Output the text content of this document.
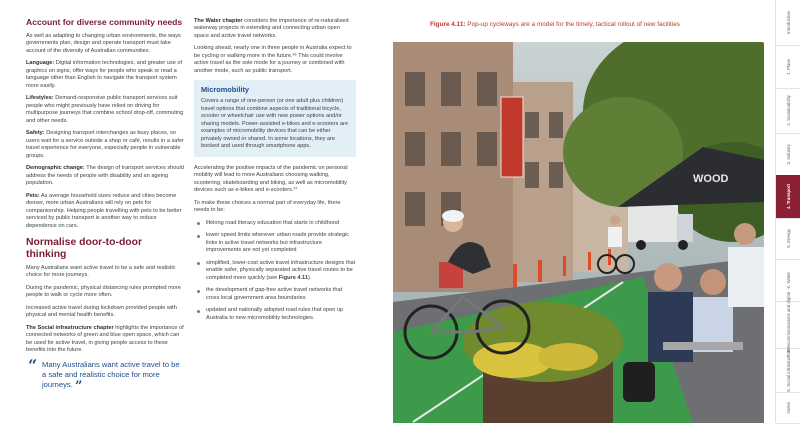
Account for diverse community needs

As well as adapting to changing urban environments, the ways governments plan, design and operate transport must take account of the diversity of Australian communities.

Language: Digital information technologies, and greater use of graphics on signs, offer ways for people who speak or read a language other than English to navigate the transport system more easily.

Lifestyles: Demand-responsive public transport services suit people who might previously have relied on driving for multipurpose journeys that combine school drop-off, commuting and other needs.

Safety: Designing transport interchanges as busy places, so users wait for a service outside a shop or café, results in a safer travel experience for everyone, especially people in vulnerable groups.

Demographic change: The design of transport services should address the needs of people with disability and an ageing population.

Pets: As average household sizes reduce and cities become denser, more urban Australians will rely on pets for companionship. Helping people travelling with pets to be better serviced by public transport is another way to reduce dependence on cars.

Normalise door-to-door thinking

Many Australians want active travel to be a safe and realistic choice for more journeys.

During the pandemic, physical distancing rules prompted more people to walk or cycle more often.

Increased active travel during lockdown provided people with physical and mental health benefits.

The Social infrastructure chapter highlights the importance of connected networks of green and blue open space, which can be used for active travel, in giving people access to these benefits into the future.

“ Many Australians want active travel to be a safe and realistic choice for more journeys. ”

The Water chapter considers the importance of re-naturalised waterway projects in extending and connecting urban open space and active travel networks.

Looking ahead, nearly one in three people in Australia expect to be cycling or walking more in the future.³⁶ This could involve active travel as the sole mode for a journey or combined with another mode, such as public transport.

Micromobility

Covers a range of one-person (or one adult plus children) travel options that combine aspects of traditional bicycle, scooter or wheelchair use with new power options and/or sharing models. Power-assisted e-bikes and e-scooters are examples of micromobility devices that can be either privately owned or shared. In some locations, they are booked and used through smartphone apps.

Accelerating the positive impacts of the pandemic on personal mobility will lead to more Australians choosing walking, scootering, skateboarding and biking, as well as micromobility devices such as e-bikes and e-scooters.³⁷

To make these choices a normal part of everyday life, there needs to be:

lifelong road literacy education that starts in childhood
lower speed limits wherever urban roads provide strategic links in active travel networks but infrastructure improvements are not yet completed
simplified, lower-cost active travel infrastructure designs that enable safer, physically separated active travel routes to be completed more quickly (see Figure 4.11).
the development of gap-free active travel networks that cross local government area boundaries
updated and nationally adopted road rules that open up Australia to new micromobility technologies.
Figure 4.11: Pop-up cycleways are a model for the timely, tactical rollout of new facilities
WOOD
Introduction
1. Place
2. Sustainability
3. Industry
4. Transport
5. Energy
6. Water
7. Telecommunications and digital
8. Social infrastructure
Notes
